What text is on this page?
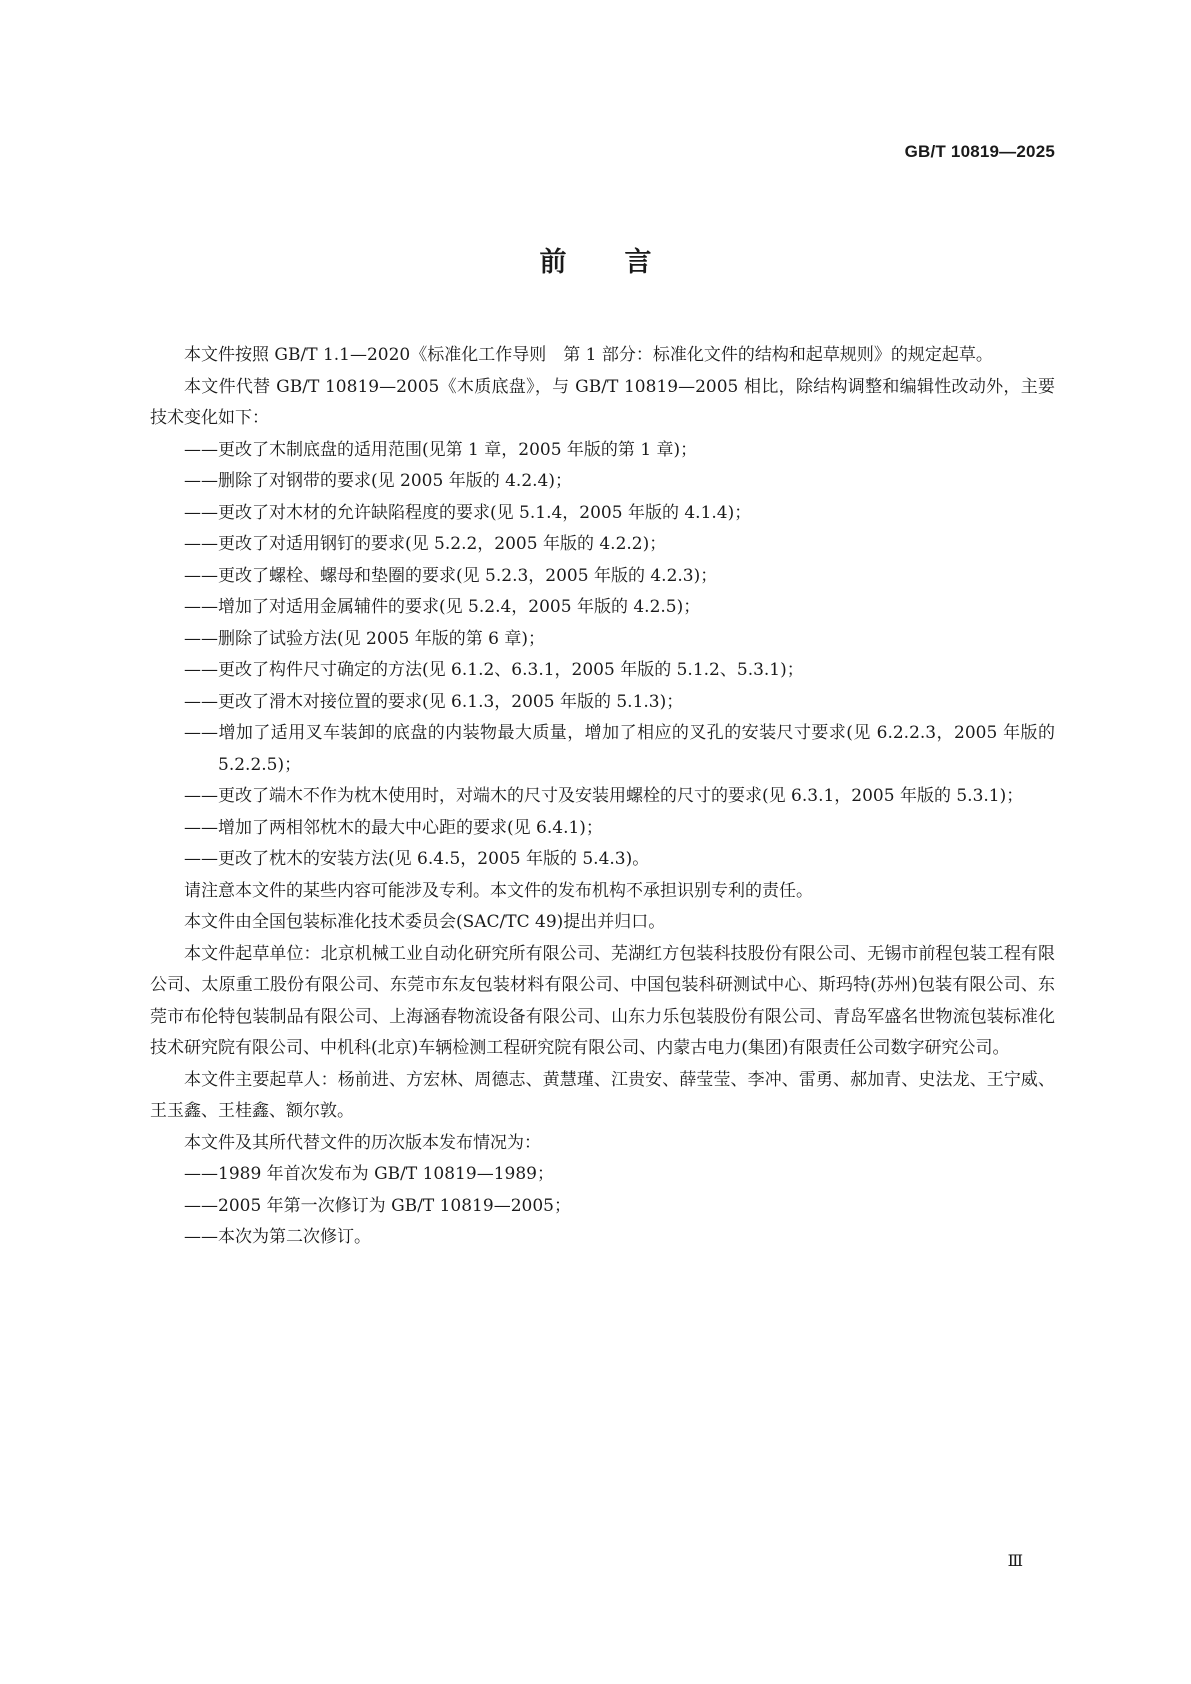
GB/T 10819—2025
前言

本文件按照 GB/T 1.1—2020《标准化工作导则　第 1 部分：标准化文件的结构和起草规则》的规定起草。

本文件代替 GB/T 10819—2005《木质底盘》，与 GB/T 10819—2005 相比，除结构调整和编辑性改动外，主要技术变化如下：

——更改了木制底盘的适用范围(见第 1 章，2005 年版的第 1 章)；

——删除了对钢带的要求(见 2005 年版的 4.2.4)；

——更改了对木材的允许缺陷程度的要求(见 5.1.4，2005 年版的 4.1.4)；

——更改了对适用钢钉的要求(见 5.2.2，2005 年版的 4.2.2)；

——更改了螺栓、螺母和垫圈的要求(见 5.2.3，2005 年版的 4.2.3)；

——增加了对适用金属辅件的要求(见 5.2.4，2005 年版的 4.2.5)；

——删除了试验方法(见 2005 年版的第 6 章)；

——更改了构件尺寸确定的方法(见 6.1.2、6.3.1，2005 年版的 5.1.2、5.3.1)；

——更改了滑木对接位置的要求(见 6.1.3，2005 年版的 5.1.3)；

——增加了适用叉车装卸的底盘的内装物最大质量，增加了相应的叉孔的安装尺寸要求(见 6.2.2.3，2005 年版的 5.2.2.5)；

——更改了端木不作为枕木使用时，对端木的尺寸及安装用螺栓的尺寸的要求(见 6.3.1，2005 年版的 5.3.1)；

——增加了两相邻枕木的最大中心距的要求(见 6.4.1)；

——更改了枕木的安装方法(见 6.4.5，2005 年版的 5.4.3)。

请注意本文件的某些内容可能涉及专利。本文件的发布机构不承担识别专利的责任。

本文件由全国包装标准化技术委员会(SAC/TC 49)提出并归口。

本文件起草单位：北京机械工业自动化研究所有限公司、芜湖红方包装科技股份有限公司、无锡市前程包装工程有限公司、太原重工股份有限公司、东莞市东友包装材料有限公司、中国包装科研测试中心、斯玛特(苏州)包装有限公司、东莞市布伦特包装制品有限公司、上海涵春物流设备有限公司、山东力乐包装股份有限公司、青岛军盛名世物流包装标准化技术研究院有限公司、中机科(北京)车辆检测工程研究院有限公司、内蒙古电力(集团)有限责任公司数字研究公司。

本文件主要起草人：杨前进、方宏林、周德志、黄慧瑾、江贵安、薛莹莹、李冲、雷勇、郝加青、史法龙、王宁威、王玉鑫、王桂鑫、额尔敦。

本文件及其所代替文件的历次版本发布情况为：

——1989 年首次发布为 GB/T 10819—1989；

——2005 年第一次修订为 GB/T 10819—2005；

——本次为第二次修订。

Ⅲ
